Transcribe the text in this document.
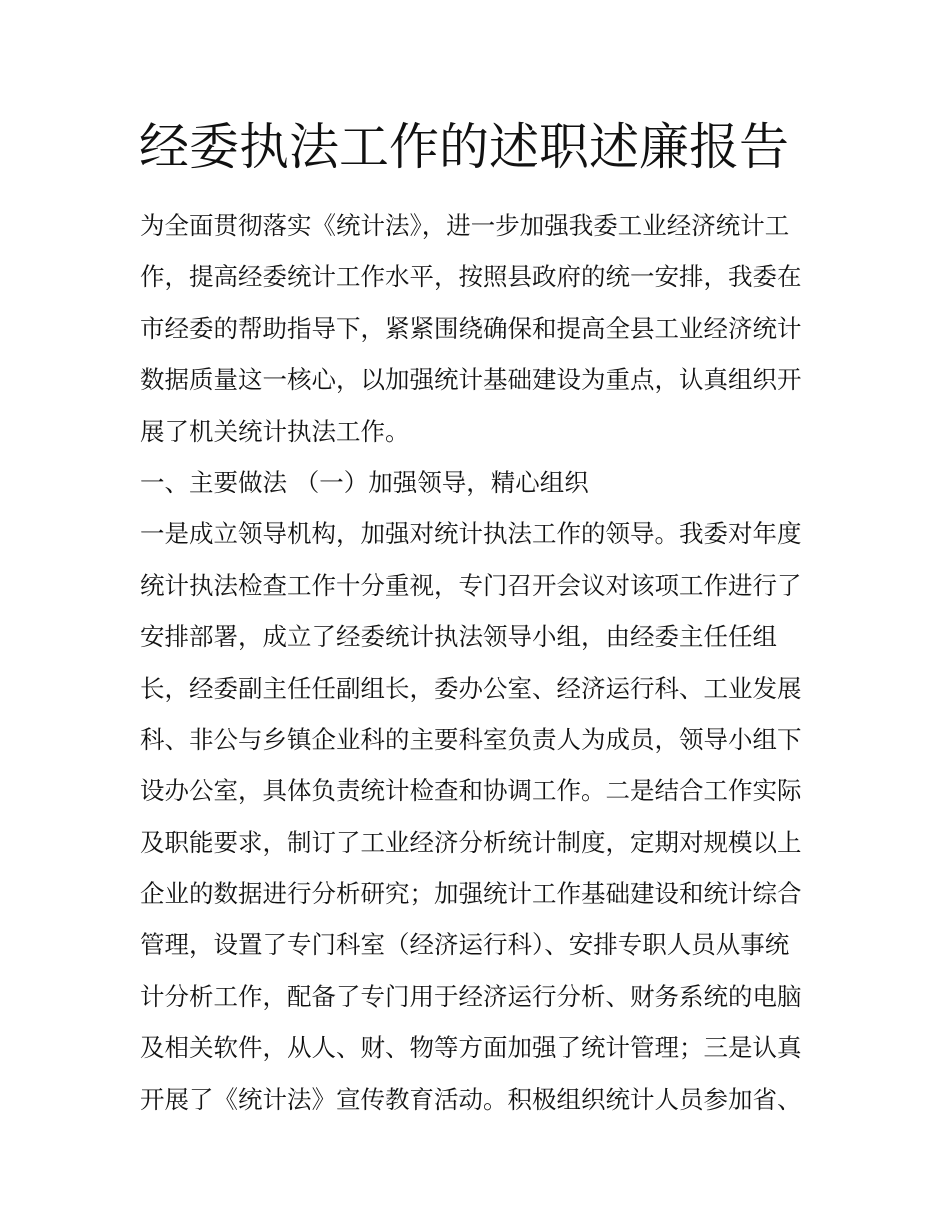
经委执法工作的述职述廉报告
为全面贯彻落实《统计法》，进一步加强我委工业经济统计工
作，提高经委统计工作水平，按照县政府的统一安排，我委在
市经委的帮助指导下，紧紧围绕确保和提高全县工业经济统计
数据质量这一核心，以加强统计基础建设为重点，认真组织开
展了机关统计执法工作。
一、主要做法 （一）加强领导，精心组织
一是成立领导机构，加强对统计执法工作的领导。我委对年度
统计执法检查工作十分重视，专门召开会议对该项工作进行了
安排部署，成立了经委统计执法领导小组，由经委主任任组
长，经委副主任任副组长，委办公室、经济运行科、工业发展
科、非公与乡镇企业科的主要科室负责人为成员，领导小组下
设办公室，具体负责统计检查和协调工作。二是结合工作实际
及职能要求，制订了工业经济分析统计制度，定期对规模以上
企业的数据进行分析研究；加强统计工作基础建设和统计综合
管理，设置了专门科室（经济运行科）、安排专职人员从事统
计分析工作，配备了专门用于经济运行分析、财务系统的电脑
及相关软件，从人、财、物等方面加强了统计管理；三是认真
开展了《统计法》宣传教育活动。积极组织统计人员参加省、
